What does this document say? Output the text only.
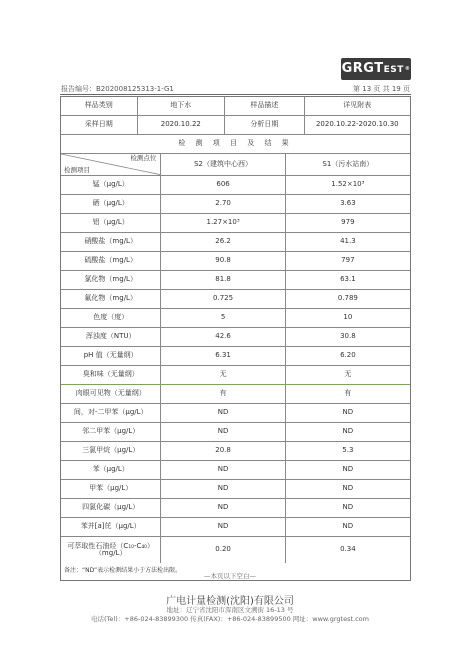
GRGTEST®
报告编号：B202008125313-1-G1	第 13 页 共 19 页
样品类别	地下水	样品描述	详见附表
采样日期	2020.10.22	分析日期	2020.10.22-2020.10.30
检 测 项 目 及 结 果
检测点位
检测项目
S2（建筑中心西）	S1（污水站南）
锰（μg/L）	606	1.52×10³
硒（μg/L）	2.70	3.63
铝（μg/L）	1.27×10³	979
硝酸盐（mg/L）	26.2	41.3
硫酸盐（mg/L）	90.8	797
氯化物（mg/L）	81.8	63.1
氟化物（mg/L）	0.725	0.789
色度（度）	5	10
浑浊度（NTU）	42.6	30.8
pH 值（无量纲）	6.31	6.20
臭和味（无量纲）	无	无
肉眼可见物（无量纲）	有	有
间，对-二甲苯（μg/L）	ND	ND
邻二甲苯（μg/L）	ND	ND
三氯甲烷（μg/L）	20.8	5.3
苯（μg/L）	ND	ND
甲苯（μg/L）	ND	ND
四氯化碳（μg/L）	ND	ND
苯并[a]芘（μg/L）	ND	ND
可萃取性石油烃（C₁₀-C₄₀）
（mg/L）	0.20	0.34
备注：“ND”表示检测结果小于方法检出限。
—本页以下空白—
广电计量检测(沈阳)有限公司
地址：辽宁省沈阳市浑南区文溯街 16-13 号
电话(Tel)：+86-024-83899300 传真(FAX)：+86-024-83899500 网址：www.grgtest.com
